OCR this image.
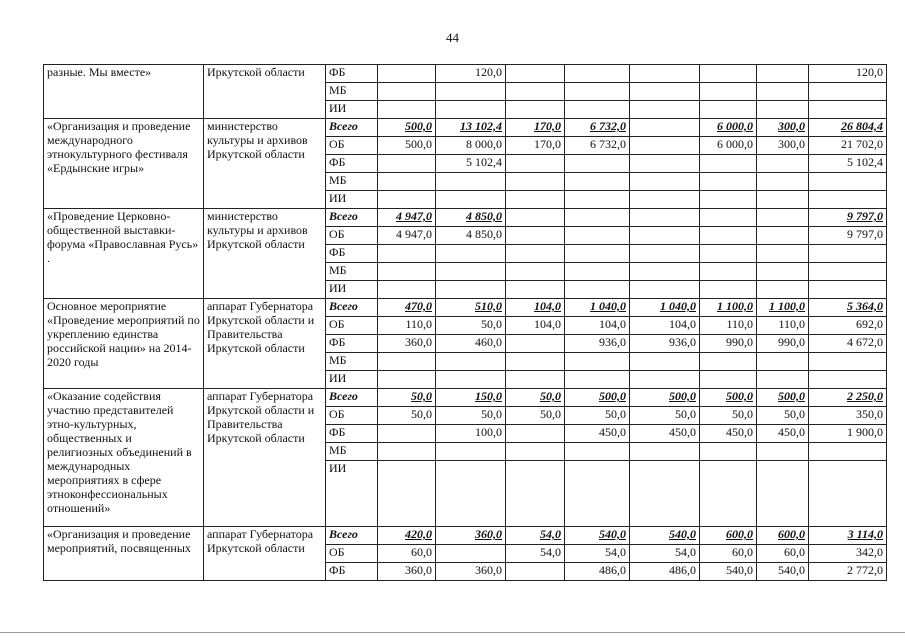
44
разные. Мы вместе»	Иркутской области	ФБ		120,0						120,0
		МБ								
		ИИ								
«Организация и проведение международного этнокультурного фестиваля «Ердынские игры»	министерство культуры и архивов Иркутской области	Всего	500,0	13 102,4	170,0	6 732,0		6 000,0	300,0	26 804,4
		ОБ	500,0	8 000,0	170,0	6 732,0		6 000,0	300,0	21 702,0
		ФБ		5 102,4						5 102,4
		МБ								
		ИИ								
«Проведение Церковно-общественной выставки-форума «Православная Русь» .	министерство культуры и архивов Иркутской области	Всего	4 947,0	4 850,0						9 797,0
		ОБ	4 947,0	4 850,0						9 797,0
		ФБ								
		МБ								
		ИИ								
Основное мероприятие «Проведение мероприятий по укреплению единства российской нации» на 2014-2020 годы	аппарат Губернатора Иркутской области и Правительства Иркутской области	Всего	470,0	510,0	104,0	1 040,0	1 040,0	1 100,0	1 100,0	5 364,0
		ОБ	110,0	50,0	104,0	104,0	104,0	110,0	110,0	692,0
		ФБ	360,0	460,0		936,0	936,0	990,0	990,0	4 672,0
		МБ								
		ИИ								
«Оказание содействия участию представителей этно-культурных, общественных и религиозных объединений в международных мероприятиях в сфере этноконфессиональных отношений»	аппарат Губернатора Иркутской области и Правительства Иркутской области	Всего	50,0	150,0	50,0	500,0	500,0	500,0	500,0	2 250,0
		ОБ	50,0	50,0	50,0	50,0	50,0	50,0	50,0	350,0
		ФБ		100,0		450,0	450,0	450,0	450,0	1 900,0
		МБ								
		ИИ								
«Организация и проведение мероприятий, посвященных	аппарат Губернатора Иркутской области	Всего	420,0	360,0	54,0	540,0	540,0	600,0	600,0	3 114,0
		ОБ	60,0		54,0	54,0	54,0	60,0	60,0	342,0
		ФБ	360,0	360,0		486,0	486,0	540,0	540,0	2 772,0
